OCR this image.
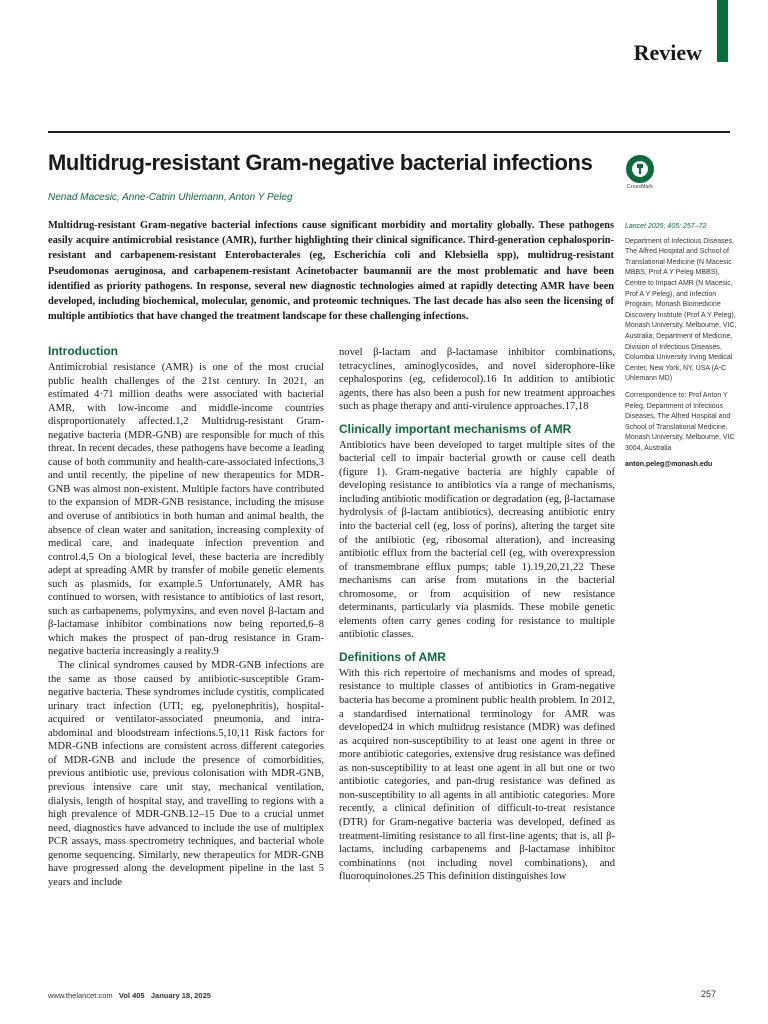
Review
Multidrug-resistant Gram-negative bacterial infections
CrossMark
Nenad Macesic, Anne-Catrin Uhlemann, Anton Y Peleg

Multidrug-resistant Gram-negative bacterial infections cause significant morbidity and mortality globally. These pathogens easily acquire antimicrobial resistance (AMR), further highlighting their clinical significance. Third-generation cephalosporin-resistant and carbapenem-resistant Enterobacterales (eg, Escherichia coli and Klebsiella spp), multidrug-resistant Pseudomonas aeruginosa, and carbapenem-resistant Acinetobacter baumannii are the most problematic and have been identified as priority pathogens. In response, several new diagnostic technologies aimed at rapidly detecting AMR have been developed, including biochemical, molecular, genomic, and proteomic techniques. The last decade has also seen the licensing of multiple antibiotics that have changed the treatment landscape for these challenging infections.

Introduction

Antimicrobial resistance (AMR) is one of the most crucial public health challenges of the 21st century. In 2021, an estimated 4·71 million deaths were associated with bacterial AMR, with low-income and middle-income countries disproportionately affected.1,2 Multidrug-resistant Gram-negative bacteria (MDR-GNB) are responsible for much of this threat. In recent decades, these pathogens have become a leading cause of both community and health-care-associated infections,3 and until recently, the pipeline of new therapeutics for MDR-GNB was almost non-existent. Multiple factors have contributed to the expansion of MDR-GNB resistance, including the misuse and overuse of antibiotics in both human and animal health, the absence of clean water and sanitation, increasing complexity of medical care, and inadequate infection prevention and control.4,5 On a biological level, these bacteria are incredibly adept at spreading AMR by transfer of mobile genetic elements such as plasmids, for example.5 Unfortunately, AMR has continued to worsen, with resistance to antibiotics of last resort, such as carbapenems, polymyxins, and even novel β-lactam and β-lactamase inhibitor combinations now being reported,6–8 which makes the prospect of pan-drug resistance in Gram-negative bacteria increasingly a reality.9

The clinical syndromes caused by MDR-GNB infections are the same as those caused by antibiotic-susceptible Gram-negative bacteria. These syndromes include cystitis, complicated urinary tract infection (UTI; eg, pyelonephritis), hospital-acquired or ventilator-associated pneumonia, and intra-abdominal and bloodstream infections.5,10,11 Risk factors for MDR-GNB infections are consistent across different categories of MDR-GNB and include the presence of comorbidities, previous antibiotic use, previous colonisation with MDR-GNB, previous intensive care unit stay, mechanical ventilation, dialysis, length of hospital stay, and travelling to regions with a high prevalence of MDR-GNB.12–15 Due to a crucial unmet need, diagnostics have advanced to include the use of multiplex PCR assays, mass spectrometry techniques, and bacterial whole genome sequencing. Similarly, new therapeutics for MDR-GNB have progressed along the development pipeline in the last 5 years and include

novel β-lactam and β-lactamase inhibitor combinations, tetracyclines, aminoglycosides, and novel siderophore-like cephalosporins (eg, cefiderocol).16 In addition to antibiotic agents, there has also been a push for new treatment approaches such as phage therapy and anti-virulence approaches.17,18

Clinically important mechanisms of AMR

Antibiotics have been developed to target multiple sites of the bacterial cell to impair bacterial growth or cause cell death (figure 1). Gram-negative bacteria are highly capable of developing resistance to antibiotics via a range of mechanisms, including antibiotic modification or degradation (eg, β-lactamase hydrolysis of β-lactam antibiotics), decreasing antibiotic entry into the bacterial cell (eg, loss of porins), altering the target site of the antibiotic (eg, ribosomal alteration), and increasing antibiotic efflux from the bacterial cell (eg, with overexpression of transmembrane efflux pumps; table 1).19,20,21,22 These mechanisms can arise from mutations in the bacterial chromosome, or from acquisition of new resistance determinants, particularly via plasmids. These mobile genetic elements often carry genes coding for resistance to multiple antibiotic classes.

Definitions of AMR

With this rich repertoire of mechanisms and modes of spread, resistance to multiple classes of antibiotics in Gram-negative bacteria has become a prominent public health problem. In 2012, a standardised international terminology for AMR was developed24 in which multidrug resistance (MDR) was defined as acquired non-susceptibility to at least one agent in three or more antibiotic categories, extensive drug resistance was defined as non-susceptibility to at least one agent in all but one or two antibiotic categories, and pan-drug resistance was defined as non-susceptibility to all agents in all antibiotic categories. More recently, a clinical definition of difficult-to-treat resistance (DTR) for Gram-negative bacteria was developed, defined as treatment-limiting resistance to all first-line agents; that is, all β-lactams, including carbapenems and β-lactamase inhibitor combinations (not including novel combinations), and fluoroquinolones.25 This definition distinguishes low

Lancet 2025; 405: 257–72
Department of Infectious Diseases, The Alfred Hospital and School of Translational Medicine (N Macesic MBBS, Prof A Y Peleg MBBS), Centre to Impact AMR (N Macesic, Prof A Y Peleg), and Infection Program, Monash Biomedicine Discovery Institute (Prof A Y Peleg), Monash University, Melbourne, VIC, Australia; Department of Medicine, Division of Infectious Diseases, Columbia University Irving Medical Center, New York, NY, USA (A-C Uhlemann MD)
Correspondence to: Prof Anton Y Peleg, Department of Infectious Diseases, The Alfred Hospital and School of Translational Medicine, Monash University, Melbourne, VIC 3004, Australia
anton.peleg@monash.edu
www.thelancet.com Vol 405 January 18, 2025	257
